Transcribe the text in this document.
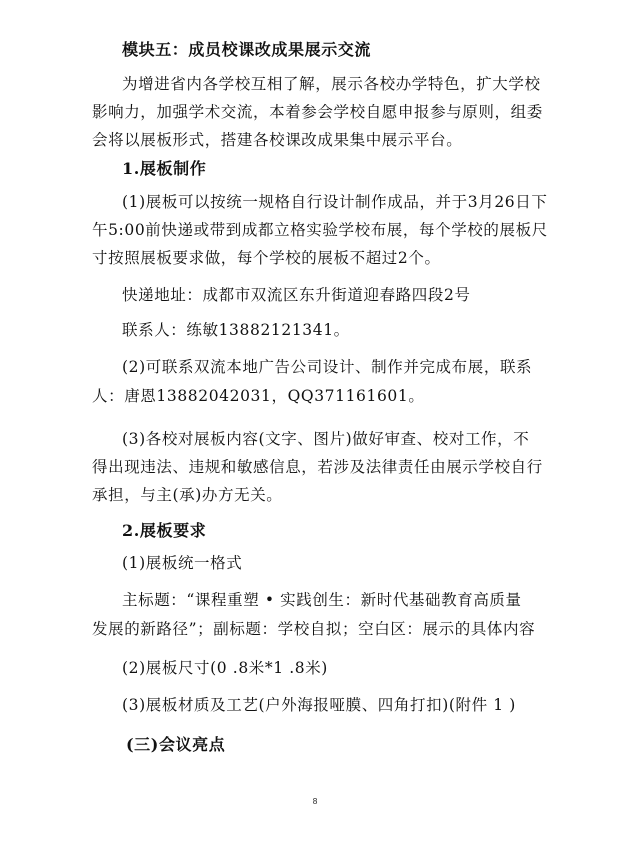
模块五：成员校课改成果展示交流
为增进省内各学校互相了解，展示各校办学特色，扩大学校
影响力，加强学术交流，本着参会学校自愿申报参与原则，组委
会将以展板形式，搭建各校课改成果集中展示平台。
1.展板制作
(1)展板可以按统一规格自行设计制作成品，并于3月26日下
午5:00前快递或带到成都立格实验学校布展，每个学校的展板尺
寸按照展板要求做，每个学校的展板不超过2个。
快递地址：成都市双流区东升街道迎春路四段2号
联系人：练敏13882121341。
(2)可联系双流本地广告公司设计、制作并完成布展，联系
人：唐恩13882042031，QQ371161601。
(3)各校对展板内容(文字、图片)做好审查、校对工作，不
得出现违法、违规和敏感信息，若涉及法律责任由展示学校自行
承担，与主(承)办方无关。
2.展板要求
(1)展板统一格式
主标题：“课程重塑 • 实践创生：新时代基础教育高质量
发展的新路径”；副标题：学校自拟；空白区：展示的具体内容
(2)展板尺寸(0 .8米*1 .8米)
(3)展板材质及工艺(户外海报哑膜、四角打扣)(附件 1 )
(三)会议亮点
8
